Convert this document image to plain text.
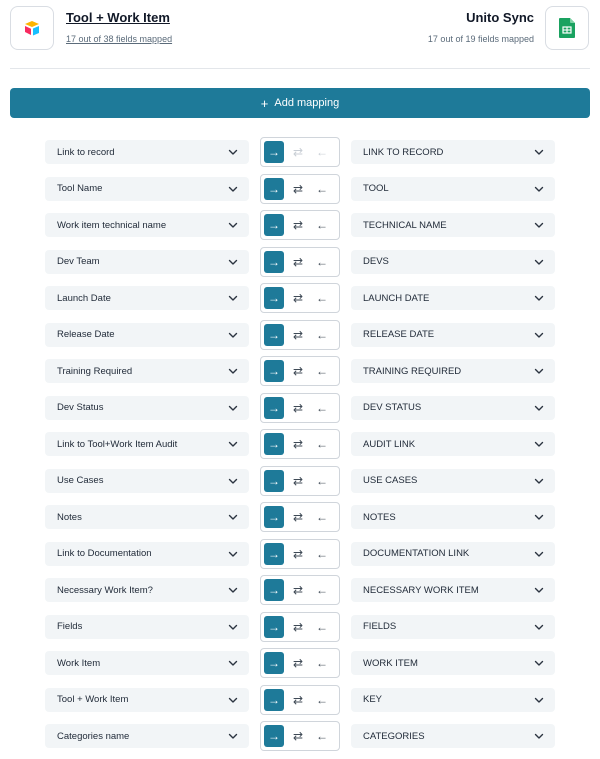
Tool + Work Item
17 out of 38 fields mapped
Unito Sync
17 out of 19 fields mapped
+ Add mapping
Link to record	→	⇄	←	LINK TO RECORD
Tool Name	→	⇄	←	TOOL
Work item technical name	→	⇄	←	TECHNICAL NAME
Dev Team	→	⇄	←	DEVS
Launch Date	→	⇄	←	LAUNCH DATE
Release Date	→	⇄	←	RELEASE DATE
Training Required	→	⇄	←	TRAINING REQUIRED
Dev Status	→	⇄	←	DEV STATUS
Link to Tool+Work Item Audit	→	⇄	←	AUDIT LINK
Use Cases	→	⇄	←	USE CASES
Notes	→	⇄	←	NOTES
Link to Documentation	→	⇄	←	DOCUMENTATION LINK
Necessary Work Item?	→	⇄	←	NECESSARY WORK ITEM
Fields	→	⇄	←	FIELDS
Work Item	→	⇄	←	WORK ITEM
Tool + Work Item	→	⇄	←	KEY
Categories name	→	⇄	←	CATEGORIES
